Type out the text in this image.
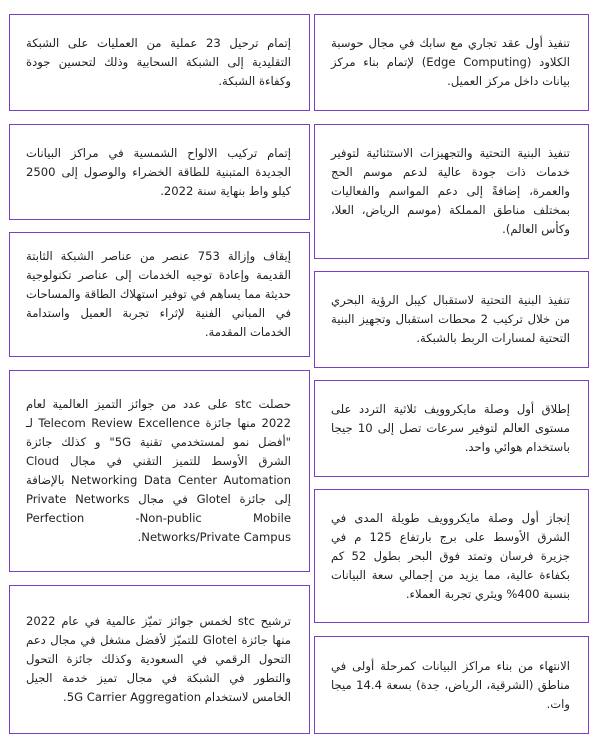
تنفيذ أول عقد تجاري مع سابك في مجال حوسبة الكلاود (Edge Computing) لإتمام بناء مركز بيانات داخل مركز العميل.

تنفيذ البنية التحتية والتجهيزات الاستثنائية لتوفير خدمات ذات جودة عالية لدعم موسم الحج والعمرة، إضافةً إلى دعم المواسم والفعاليات بمختلف مناطق المملكة (موسم الرياض، العلا، وكأس العالم).

تنفيذ البنية التحتية لاستقبال كيبل الرؤية البحري من خلال تركيب 2 محطات استقبال وتجهيز البنية التحتية لمسارات الربط بالشبكة.

إطلاق أول وصلة مايكروويف ثلاثية التردد على مستوى العالم لتوفير سرعات تصل إلى 10 جيجا باستخدام هوائي واحد.

إنجاز أول وصلة مايكروويف طويلة المدى في الشرق الأوسط على برج بارتفاع 125 م في جزيرة فرسان وتمتد فوق البحر بطول 52 كم بكفاءة عالية، مما يزيد من إجمالي سعة البيانات بنسبة 400% ويثري تجربة العملاء.

الانتهاء من بناء مراكز البيانات كمرحلة أولى في مناطق (الشرقية، الرياض، جدة) بسعة 14.4 ميجا وات.

إتمام ترحيل 23 عملية من العمليات على الشبكة التقليدية إلى الشبكة السحابية وذلك لتحسين جودة وكفاءة الشبكة.

إتمام تركيب الالواح الشمسية في مراكز البيانات الجديدة المتبنية للطاقة الخضراء والوصول إلى 2500 كيلو واط بنهاية سنة 2022.

إيقاف وإزالة 753 عنصر من عناصر الشبكة الثابتة القديمة وإعادة توجيه الخدمات إلى عناصر تكنولوجية حديثة مما يساهم في توفير استهلاك الطاقة والمساحات في المباني الفنية لإثراء تجربة العميل واستدامة الخدمات المقدمة.

حصلت stc على عدد من جوائز التميز العالمية لعام 2022 منها جائزة Telecom Review Excellence لـ "أفضل نمو لمستخدمي تقنية 5G" و كذلك جائزة الشرق الأوسط للتميز التقني في مجال Cloud Networking Data Center Automation بالإضافة إلى جائزة Glotel في مجال Private Networks Perfection -Non-public Mobile Networks/Private Campus.

ترشيح stc لخمس جوائز تميّز عالمية في عام 2022 منها جائزة Glotel للتميّز لأفضل مشغل في مجال دعم التحول الرقمي في السعودية وكذلك جائزة التحول والتطور في الشبكة في مجال تميز خدمة الجيل الخامس لاستخدام 5G Carrier Aggregation.
